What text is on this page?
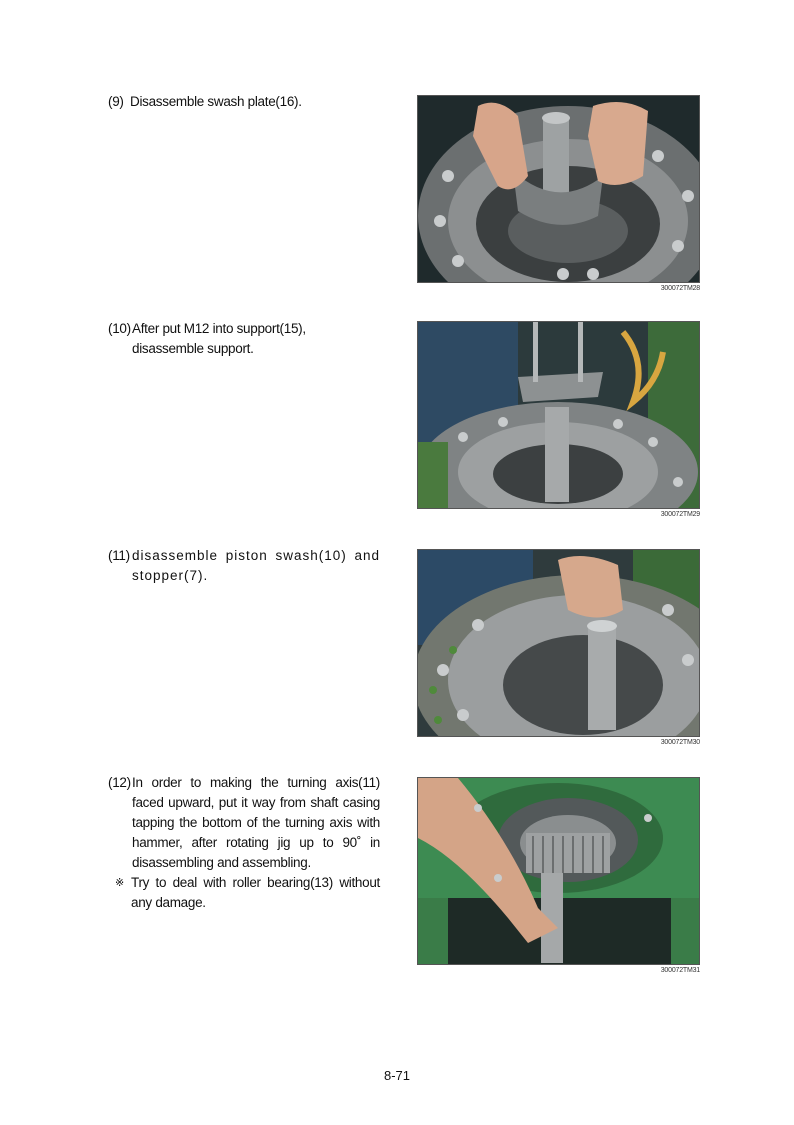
(9) Disassemble swash plate(16).
300072TM28
(10) After put M12 into support(15), disassemble support.
300072TM29
(11) disassemble piston swash(10) and stopper(7).
300072TM30
(12) In order to making the turning axis(11) faced upward, put it way from shaft casing tapping the bottom of the turning axis with hammer, after rotating jig up to 90˚ in disassembling and assembling.
※ Try to deal with roller bearing(13) without any damage.
300072TM31
8-71
